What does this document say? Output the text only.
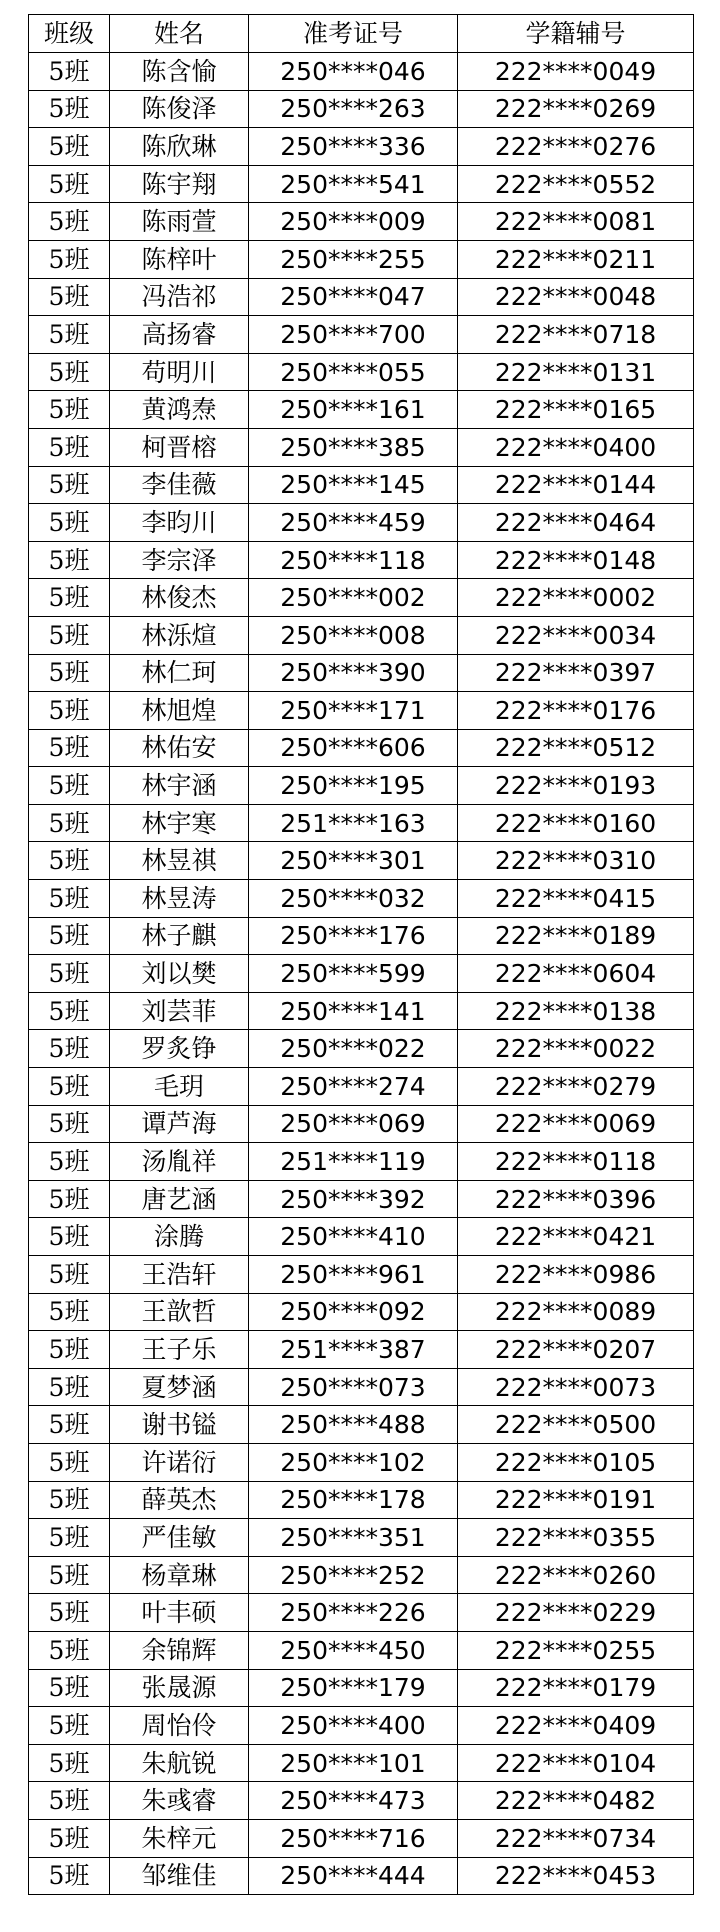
班级	姓名	准考证号	学籍辅号
5班	陈含愉	250****046	222****0049
5班	陈俊泽	250****263	222****0269
5班	陈欣琳	250****336	222****0276
5班	陈宇翔	250****541	222****0552
5班	陈雨萱	250****009	222****0081
5班	陈梓叶	250****255	222****0211
5班	冯浩祁	250****047	222****0048
5班	高扬睿	250****700	222****0718
5班	苟明川	250****055	222****0131
5班	黄鸿焘	250****161	222****0165
5班	柯晋榕	250****385	222****0400
5班	李佳薇	250****145	222****0144
5班	李昀川	250****459	222****0464
5班	李宗泽	250****118	222****0148
5班	林俊杰	250****002	222****0002
5班	林泺煊	250****008	222****0034
5班	林仁珂	250****390	222****0397
5班	林旭煌	250****171	222****0176
5班	林佑安	250****606	222****0512
5班	林宇涵	250****195	222****0193
5班	林宇寒	251****163	222****0160
5班	林昱祺	250****301	222****0310
5班	林昱涛	250****032	222****0415
5班	林子麒	250****176	222****0189
5班	刘以樊	250****599	222****0604
5班	刘芸菲	250****141	222****0138
5班	罗炙铮	250****022	222****0022
5班	毛玥	250****274	222****0279
5班	谭芦海	250****069	222****0069
5班	汤胤祥	251****119	222****0118
5班	唐艺涵	250****392	222****0396
5班	涂腾	250****410	222****0421
5班	王浩轩	250****961	222****0986
5班	王歆哲	250****092	222****0089
5班	王子乐	251****387	222****0207
5班	夏梦涵	250****073	222****0073
5班	谢书镒	250****488	222****0500
5班	许诺衍	250****102	222****0105
5班	薛英杰	250****178	222****0191
5班	严佳敏	250****351	222****0355
5班	杨章琳	250****252	222****0260
5班	叶丰硕	250****226	222****0229
5班	余锦辉	250****450	222****0255
5班	张晟源	250****179	222****0179
5班	周怡伶	250****400	222****0409
5班	朱航锐	250****101	222****0104
5班	朱彧睿	250****473	222****0482
5班	朱梓元	250****716	222****0734
5班	邹维佳	250****444	222****0453
